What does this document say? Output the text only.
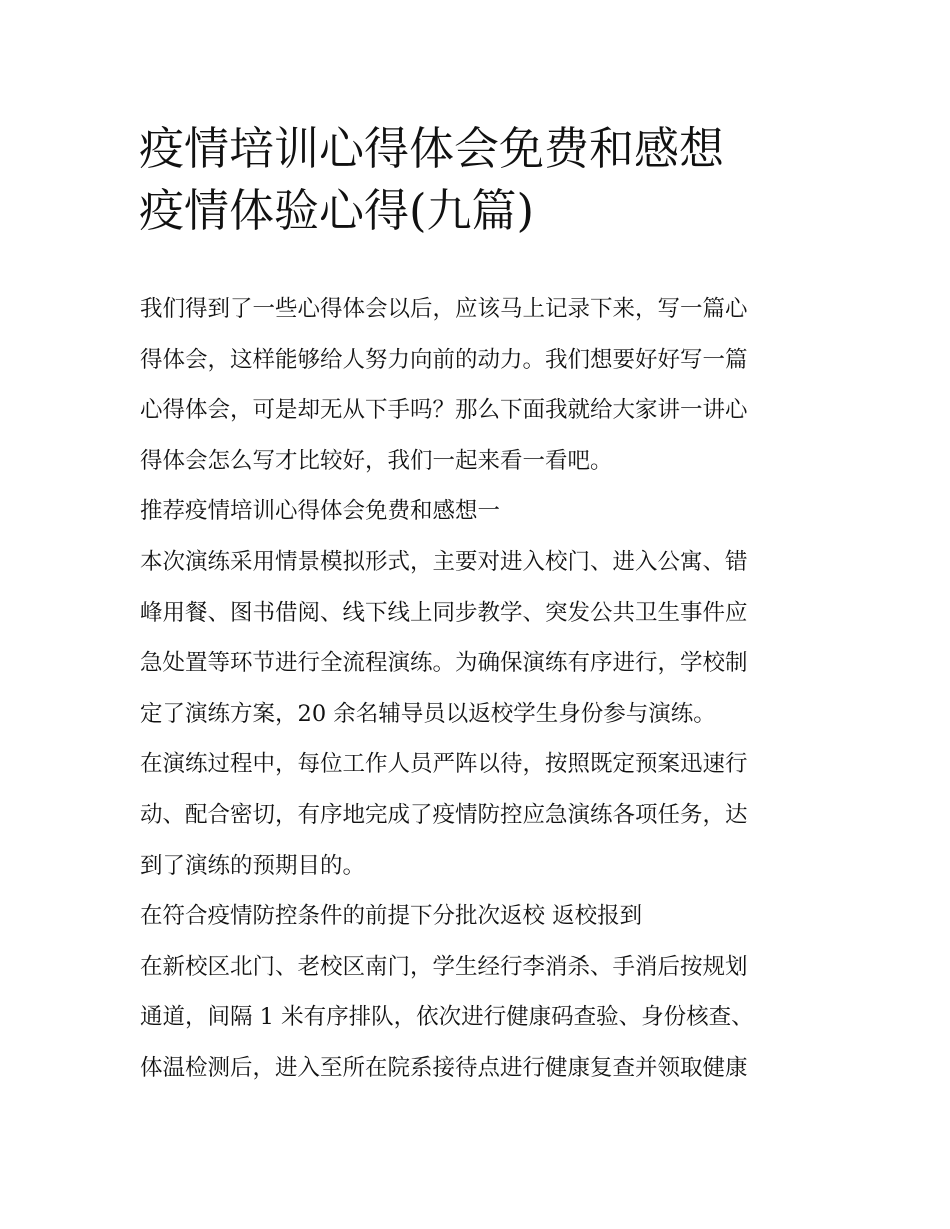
疫情培训心得体会免费和感想
疫情体验心得(九篇)
我们得到了一些心得体会以后，应该马上记录下来，写一篇心
得体会，这样能够给人努力向前的动力。我们想要好好写一篇
心得体会，可是却无从下手吗？那么下面我就给大家讲一讲心
得体会怎么写才比较好，我们一起来看一看吧。
推荐疫情培训心得体会免费和感想一
本次演练采用情景模拟形式，主要对进入校门、进入公寓、错
峰用餐、图书借阅、线下线上同步教学、突发公共卫生事件应
急处置等环节进行全流程演练。为确保演练有序进行，学校制
定了演练方案，20 余名辅导员以返校学生身份参与演练。
在演练过程中，每位工作人员严阵以待，按照既定预案迅速行
动、配合密切，有序地完成了疫情防控应急演练各项任务，达
到了演练的预期目的。
在符合疫情防控条件的前提下分批次返校 返校报到
在新校区北门、老校区南门，学生经行李消杀、手消后按规划
通道，间隔 1 米有序排队，依次进行健康码查验、身份核查、
体温检测后，进入至所在院系接待点进行健康复查并领取健康
